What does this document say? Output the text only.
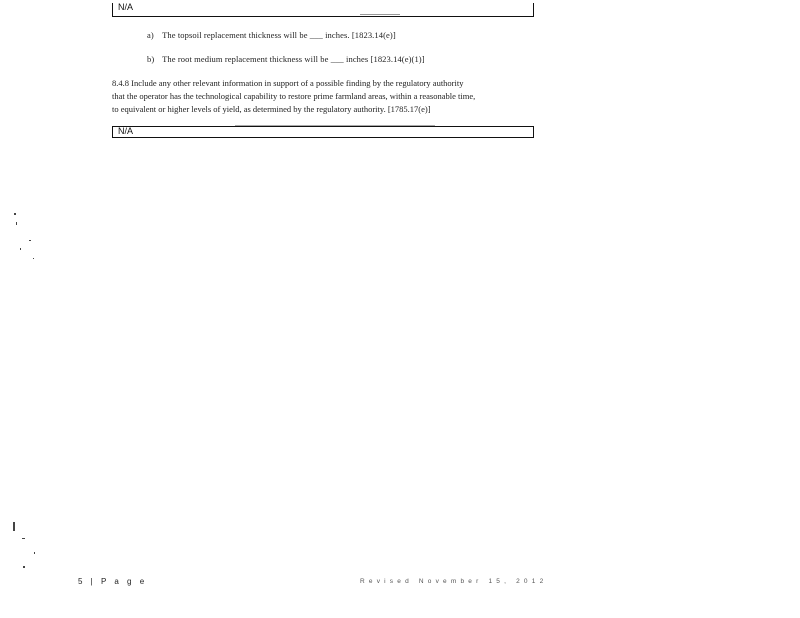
N/A
a) The topsoil replacement thickness will be ___ inches. [1823.14(e)]
b) The root medium replacement thickness will be ___ inches [1823.14(e)(1)]
8.4.8 Include any other relevant information in support of a possible finding by the regulatory authority
that the operator has the technological capability to restore prime farmland areas, within a reasonable time,
to equivalent or higher levels of yield, as determined by the regulatory authority. [1785.17(e)]
N/A
5 | P a g e	Revised November 15, 2012
